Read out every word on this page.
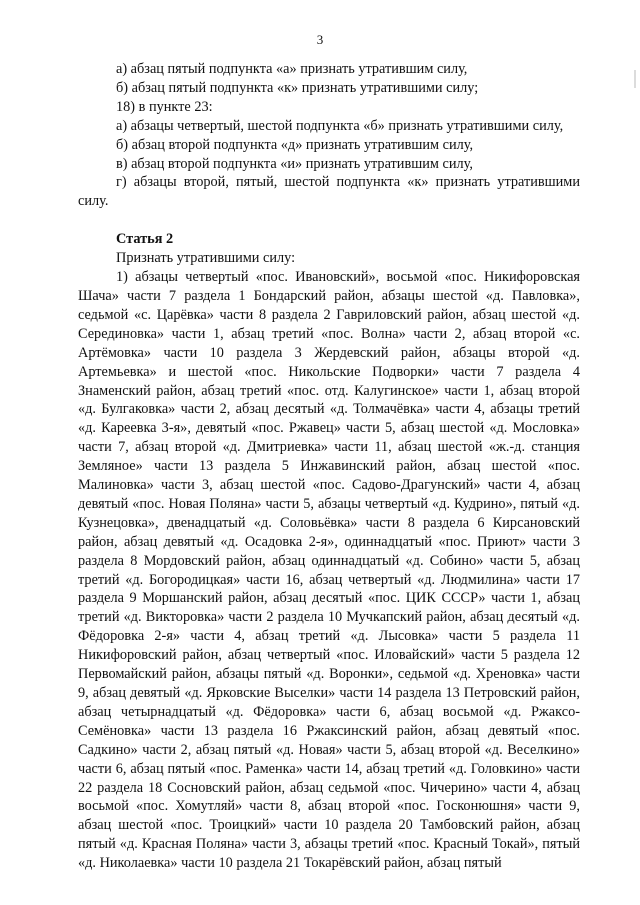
3

а) абзац пятый подпункта «а» признать утратившим силу,

б) абзац пятый подпункта «к» признать утратившими силу;

18) в пункте 23:

а) абзацы четвертый, шестой подпункта «б» признать утратившими силу,

б) абзац второй подпункта «д» признать утратившим силу,

в) абзац второй подпункта «и» признать утратившим силу,

г) абзацы второй, пятый, шестой подпункта «к» признать утратившими силу.

Статья 2

Признать утратившими силу:

1) абзацы четвертый «пос. Ивановский», восьмой «пос. Никифоровская Шача» части 7 раздела 1 Бондарский район, абзацы шестой «д. Павловка», седьмой «с. Царёвка» части 8 раздела 2 Гавриловский район, абзац шестой «д. Серединовка» части 1, абзац третий «пос. Волна» части 2, абзац второй «с. Артёмовка» части 10 раздела 3 Жердевский район, абзацы второй «д. Артемьевка» и шестой «пос. Никольские Подворки» части 7 раздела 4 Знаменский район, абзац третий «пос. отд. Калугинское» части 1, абзац второй «д. Булгаковка» части 2, абзац десятый «д. Толмачёвка» части 4, абзацы третий «д. Кареевка 3-я», девятый «пос. Ржавец» части 5, абзац шестой «д. Мословка» части 7, абзац второй «д. Дмитриевка» части 11, абзац шестой «ж.-д. станция Земляное» части 13 раздела 5 Инжавинский район, абзац шестой «пос. Малиновка» части 3, абзац шестой «пос. Садово-Драгунский» части 4, абзац девятый «пос. Новая Поляна» части 5, абзацы четвертый «д. Кудрино», пятый «д. Кузнецовка», двенадцатый «д. Соловьёвка» части 8 раздела 6 Кирсановский район, абзац девятый «д. Осадовка 2-я», одиннадцатый «пос. Приют» части 3 раздела 8 Мордовский район, абзац одиннадцатый «д. Собино» части 5, абзац третий «д. Богородицкая» части 16, абзац четвертый «д. Людмилина» части 17 раздела 9 Моршанский район, абзац десятый «пос. ЦИК СССР» части 1, абзац третий «д. Викторовка» части 2 раздела 10 Мучкапский район, абзац десятый «д. Фёдоровка 2-я» части 4, абзац третий «д. Лысовка» части 5 раздела 11 Никифоровский район, абзац четвертый «пос. Иловайский» части 5 раздела 12 Первомайский район, абзацы пятый «д. Воронки», седьмой «д. Хреновка» части 9, абзац девятый «д. Ярковские Выселки» части 14 раздела 13 Петровский район, абзац четырнадцатый «д. Фёдоровка» части 6, абзац восьмой «д. Ржаксо-Семёновка» части 13 раздела 16 Ржаксинский район, абзац девятый «пос. Садкино» части 2, абзац пятый «д. Новая» части 5, абзац второй «д. Веселкино» части 6, абзац пятый «пос. Раменка» части 14, абзац третий «д. Головкино» части 22 раздела 18 Сосновский район, абзац седьмой «пос. Чичерино» части 4, абзац восьмой «пос. Хомутляй» части 8, абзац второй «пос. Госконюшня» части 9, абзац шестой «пос. Троицкий» части 10 раздела 20 Тамбовский район, абзац пятый «д. Красная Поляна» части 3, абзацы третий «пос. Красный Токай», пятый «д. Николаевка» части 10 раздела 21 Токарёвский район, абзац пятый
